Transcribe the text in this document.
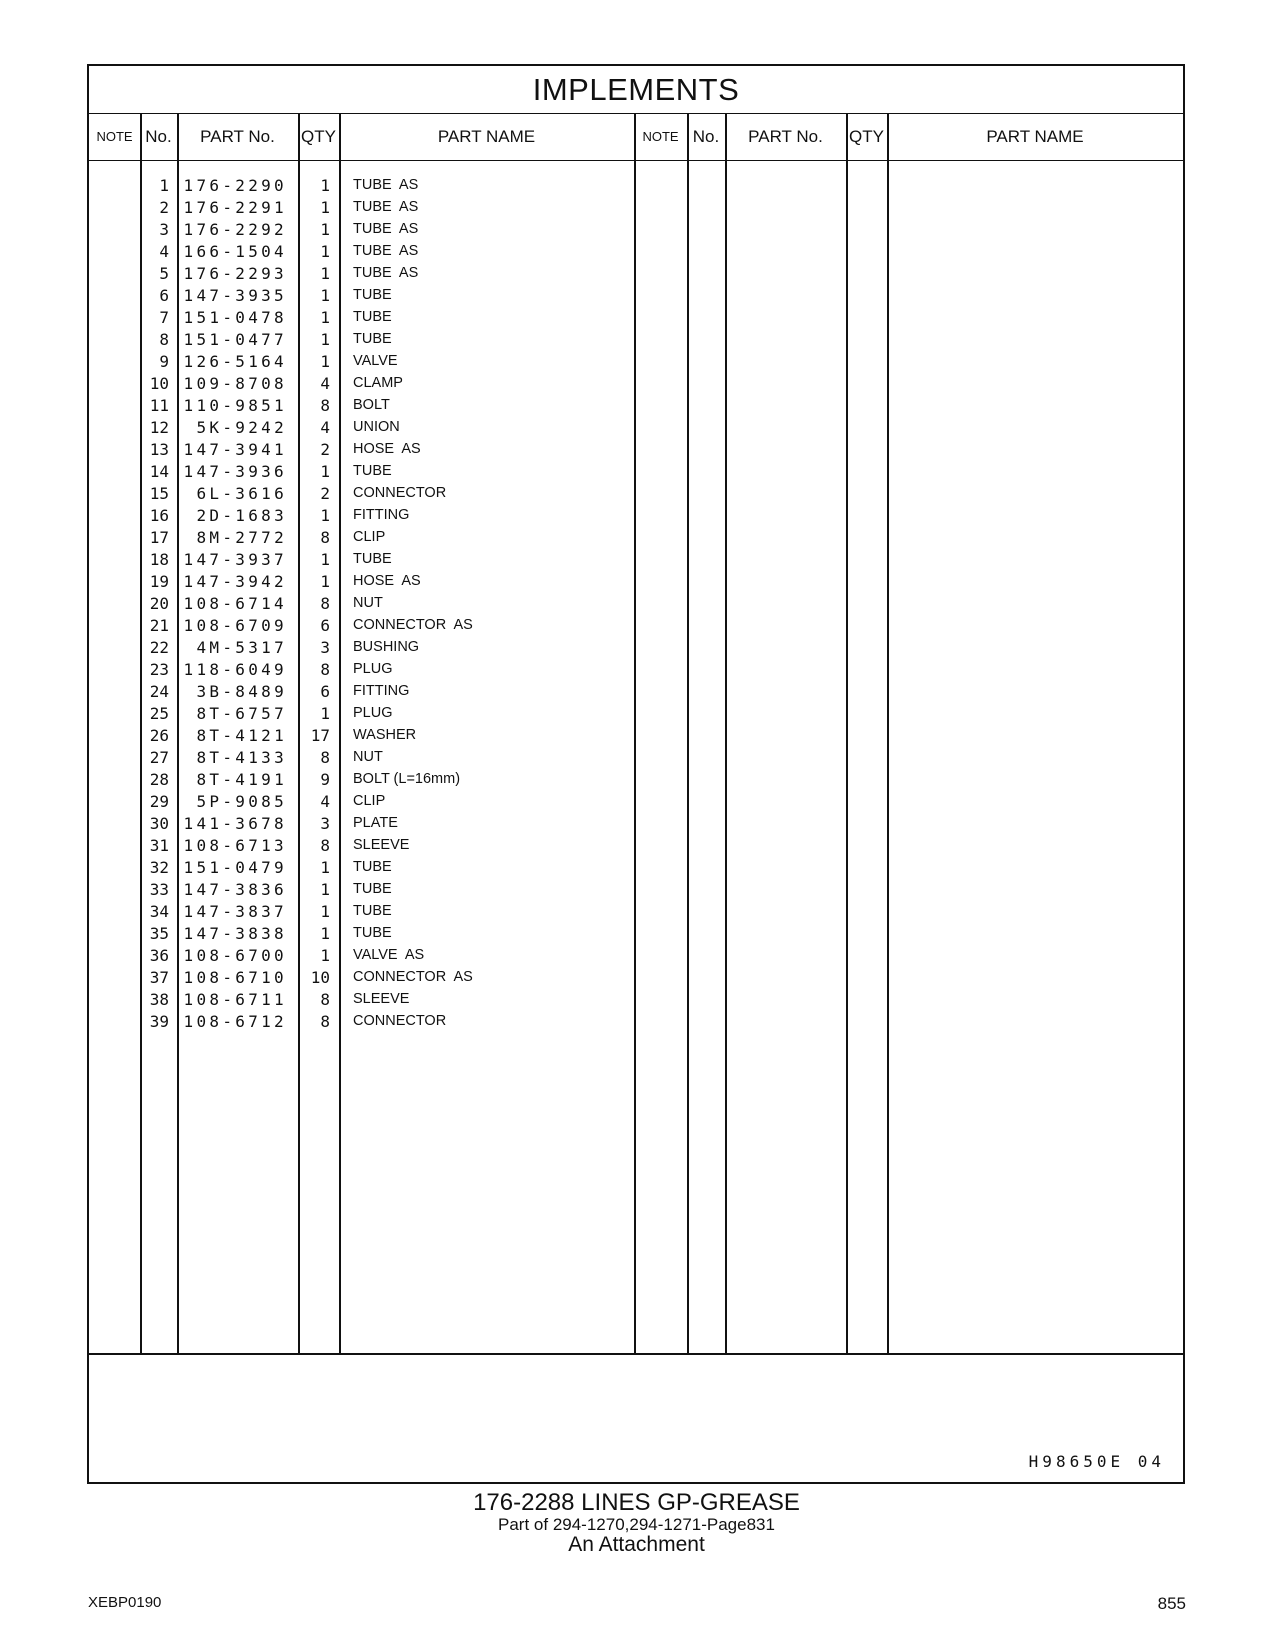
IMPLEMENTS
NOTE No.	PART No.	QTY	PART NAME	NOTE No.	PART No.	QTY	PART NAME
1 176-2290	1 TUBE  AS
2 176-2291	1 TUBE  AS
3 176-2292	1 TUBE  AS
4 166-1504	1 TUBE  AS
5 176-2293	1 TUBE  AS
6 147-3935	1 TUBE
7 151-0478	1 TUBE
8 151-0477	1 TUBE
9 126-5164	1 VALVE
10 109-8708	4 CLAMP
11 110-9851	8 BOLT
12	5K-9242	4 UNION
13 147-3941	2 HOSE  AS
14 147-3936	1 TUBE
15	6L-3616	2 CONNECTOR
16	2D-1683	1 FITTING
17	8M-2772	8 CLIP
18 147-3937	1 TUBE
19 147-3942	1 HOSE  AS
20 108-6714	8 NUT
21 108-6709	6 CONNECTOR  AS
22	4M-5317	3 BUSHING
23 118-6049	8 PLUG
24	3B-8489	6 FITTING
25	8T-6757	1 PLUG
26	8T-4121	17 WASHER
27	8T-4133	8 NUT
28	8T-4191	9 BOLT (L=16mm)
29	5P-9085	4 CLIP
30 141-3678	3 PLATE
31 108-6713	8 SLEEVE
32 151-0479	1 TUBE
33 147-3836	1 TUBE
34 147-3837	1 TUBE
35 147-3838	1 TUBE
36 108-6700	1 VALVE  AS
37 108-6710	10 CONNECTOR  AS
38 108-6711	8 SLEEVE
39 108-6712	8 CONNECTOR
H98650E 04
176-2288 LINES GP-GREASE
Part of 294-1270,294-1271-Page831
An Attachment
XEBP0190	855
